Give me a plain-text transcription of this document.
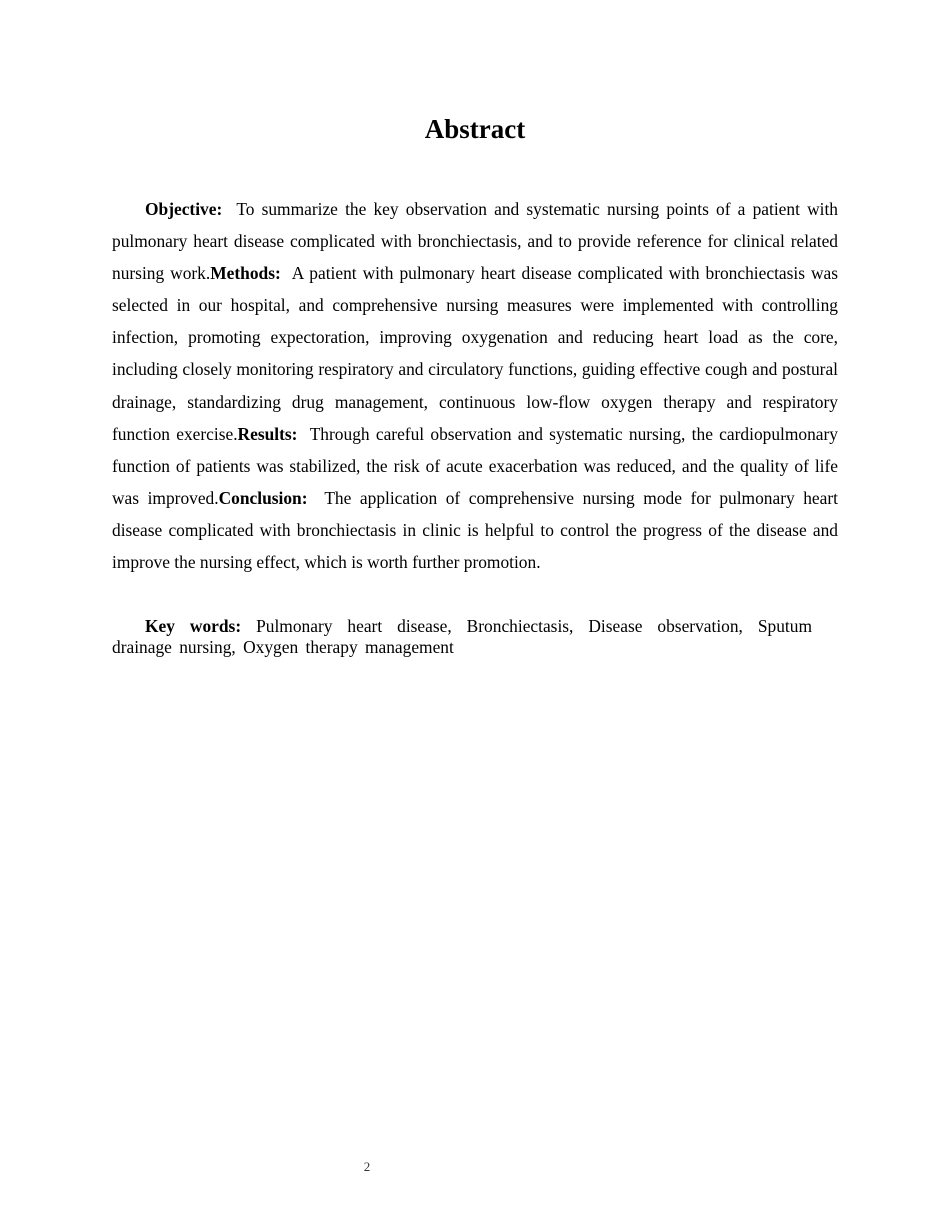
Abstract

Objective: To summarize the key observation and systematic nursing points of a patient with pulmonary heart disease complicated with bronchiectasis, and to provide reference for clinical related nursing work.Methods: A patient with pulmonary heart disease complicated with bronchiectasis was selected in our hospital, and comprehensive nursing measures were implemented with controlling infection, promoting expectoration, improving oxygenation and reducing heart load as the core, including closely monitoring respiratory and circulatory functions, guiding effective cough and postural drainage, standardizing drug management, continuous low-flow oxygen therapy and respiratory function exercise.Results: Through careful observation and systematic nursing, the cardiopulmonary function of patients was stabilized, the risk of acute exacerbation was reduced, and the quality of life was improved.Conclusion: The application of comprehensive nursing mode for pulmonary heart disease complicated with bronchiectasis in clinic is helpful to control the progress of the disease and improve the nursing effect, which is worth further promotion.

Key words: Pulmonary heart disease, Bronchiectasis, Disease observation, Sputum drainage nursing, Oxygen therapy management

2
